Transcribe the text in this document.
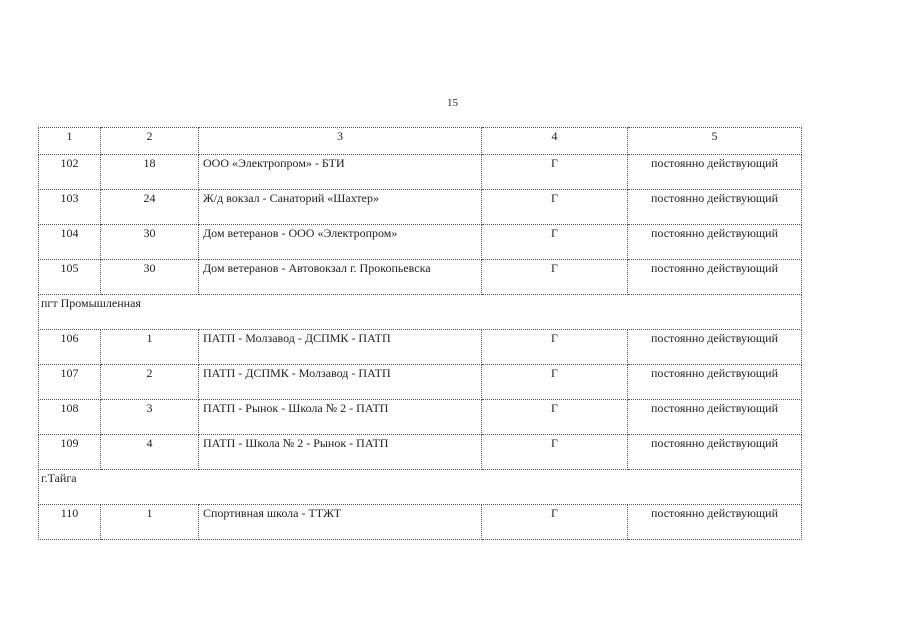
15
1	2	3	4	5
102	18	ООО «Электропром» - БТИ	Г	постоянно действующий
103	24	Ж/д вокзал - Санаторий «Шахтер»	Г	постоянно действующий
104	30	Дом ветеранов - ООО «Электропром»	Г	постоянно действующий
105	30	Дом ветеранов - Автовокзал г. Прокопьевска	Г	постоянно действующий
пгт Промышленная				
106	1	ПАТП - Молзавод - ДСПМК - ПАТП	Г	постоянно действующий
107	2	ПАТП - ДСПМК - Молзавод - ПАТП	Г	постоянно действующий
108	3	ПАТП - Рынок - Школа № 2 - ПАТП	Г	постоянно действующий
109	4	ПАТП - Школа № 2 - Рынок - ПАТП	Г	постоянно действующий
г.Тайга				
110	1	Спортивная школа - ТТЖТ	Г	постоянно действующий
